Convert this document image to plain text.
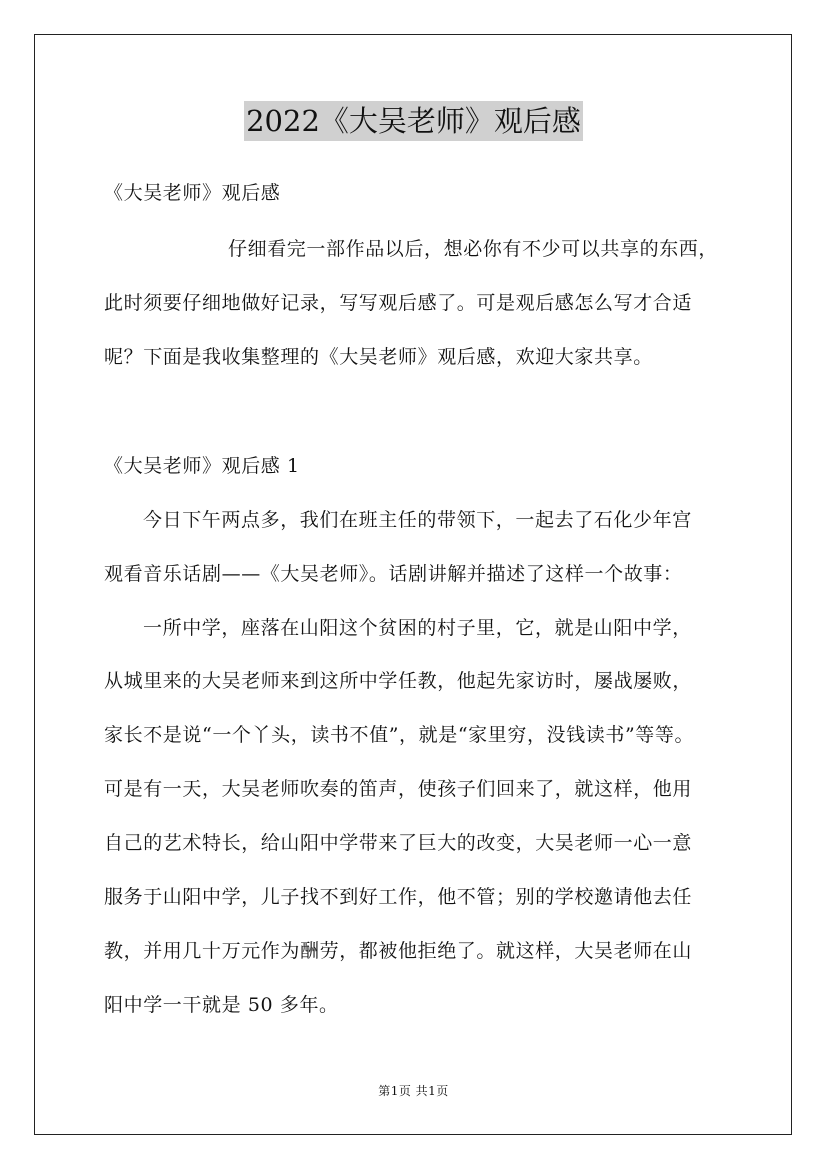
2022《大吴老师》观后感
《大吴老师》观后感
仔细看完一部作品以后，想必你有不少可以共享的东西，
此时须要仔细地做好记录，写写观后感了。可是观后感怎么写才合适
呢？下面是我收集整理的《大吴老师》观后感，欢迎大家共享。
《大吴老师》观后感 1
今日下午两点多，我们在班主任的带领下，一起去了石化少年宫
观看音乐话剧——《大吴老师》。话剧讲解并描述了这样一个故事：
一所中学，座落在山阳这个贫困的村子里，它，就是山阳中学，
从城里来的大吴老师来到这所中学任教，他起先家访时，屡战屡败，
家长不是说“一个丫头，读书不值”，就是“家里穷，没钱读书”等等。
可是有一天，大吴老师吹奏的笛声，使孩子们回来了，就这样，他用
自己的艺术特长，给山阳中学带来了巨大的改变，大吴老师一心一意
服务于山阳中学，儿子找不到好工作，他不管；别的学校邀请他去任
教，并用几十万元作为酬劳，都被他拒绝了。就这样，大吴老师在山
阳中学一干就是 50 多年。
第1页 共1页
